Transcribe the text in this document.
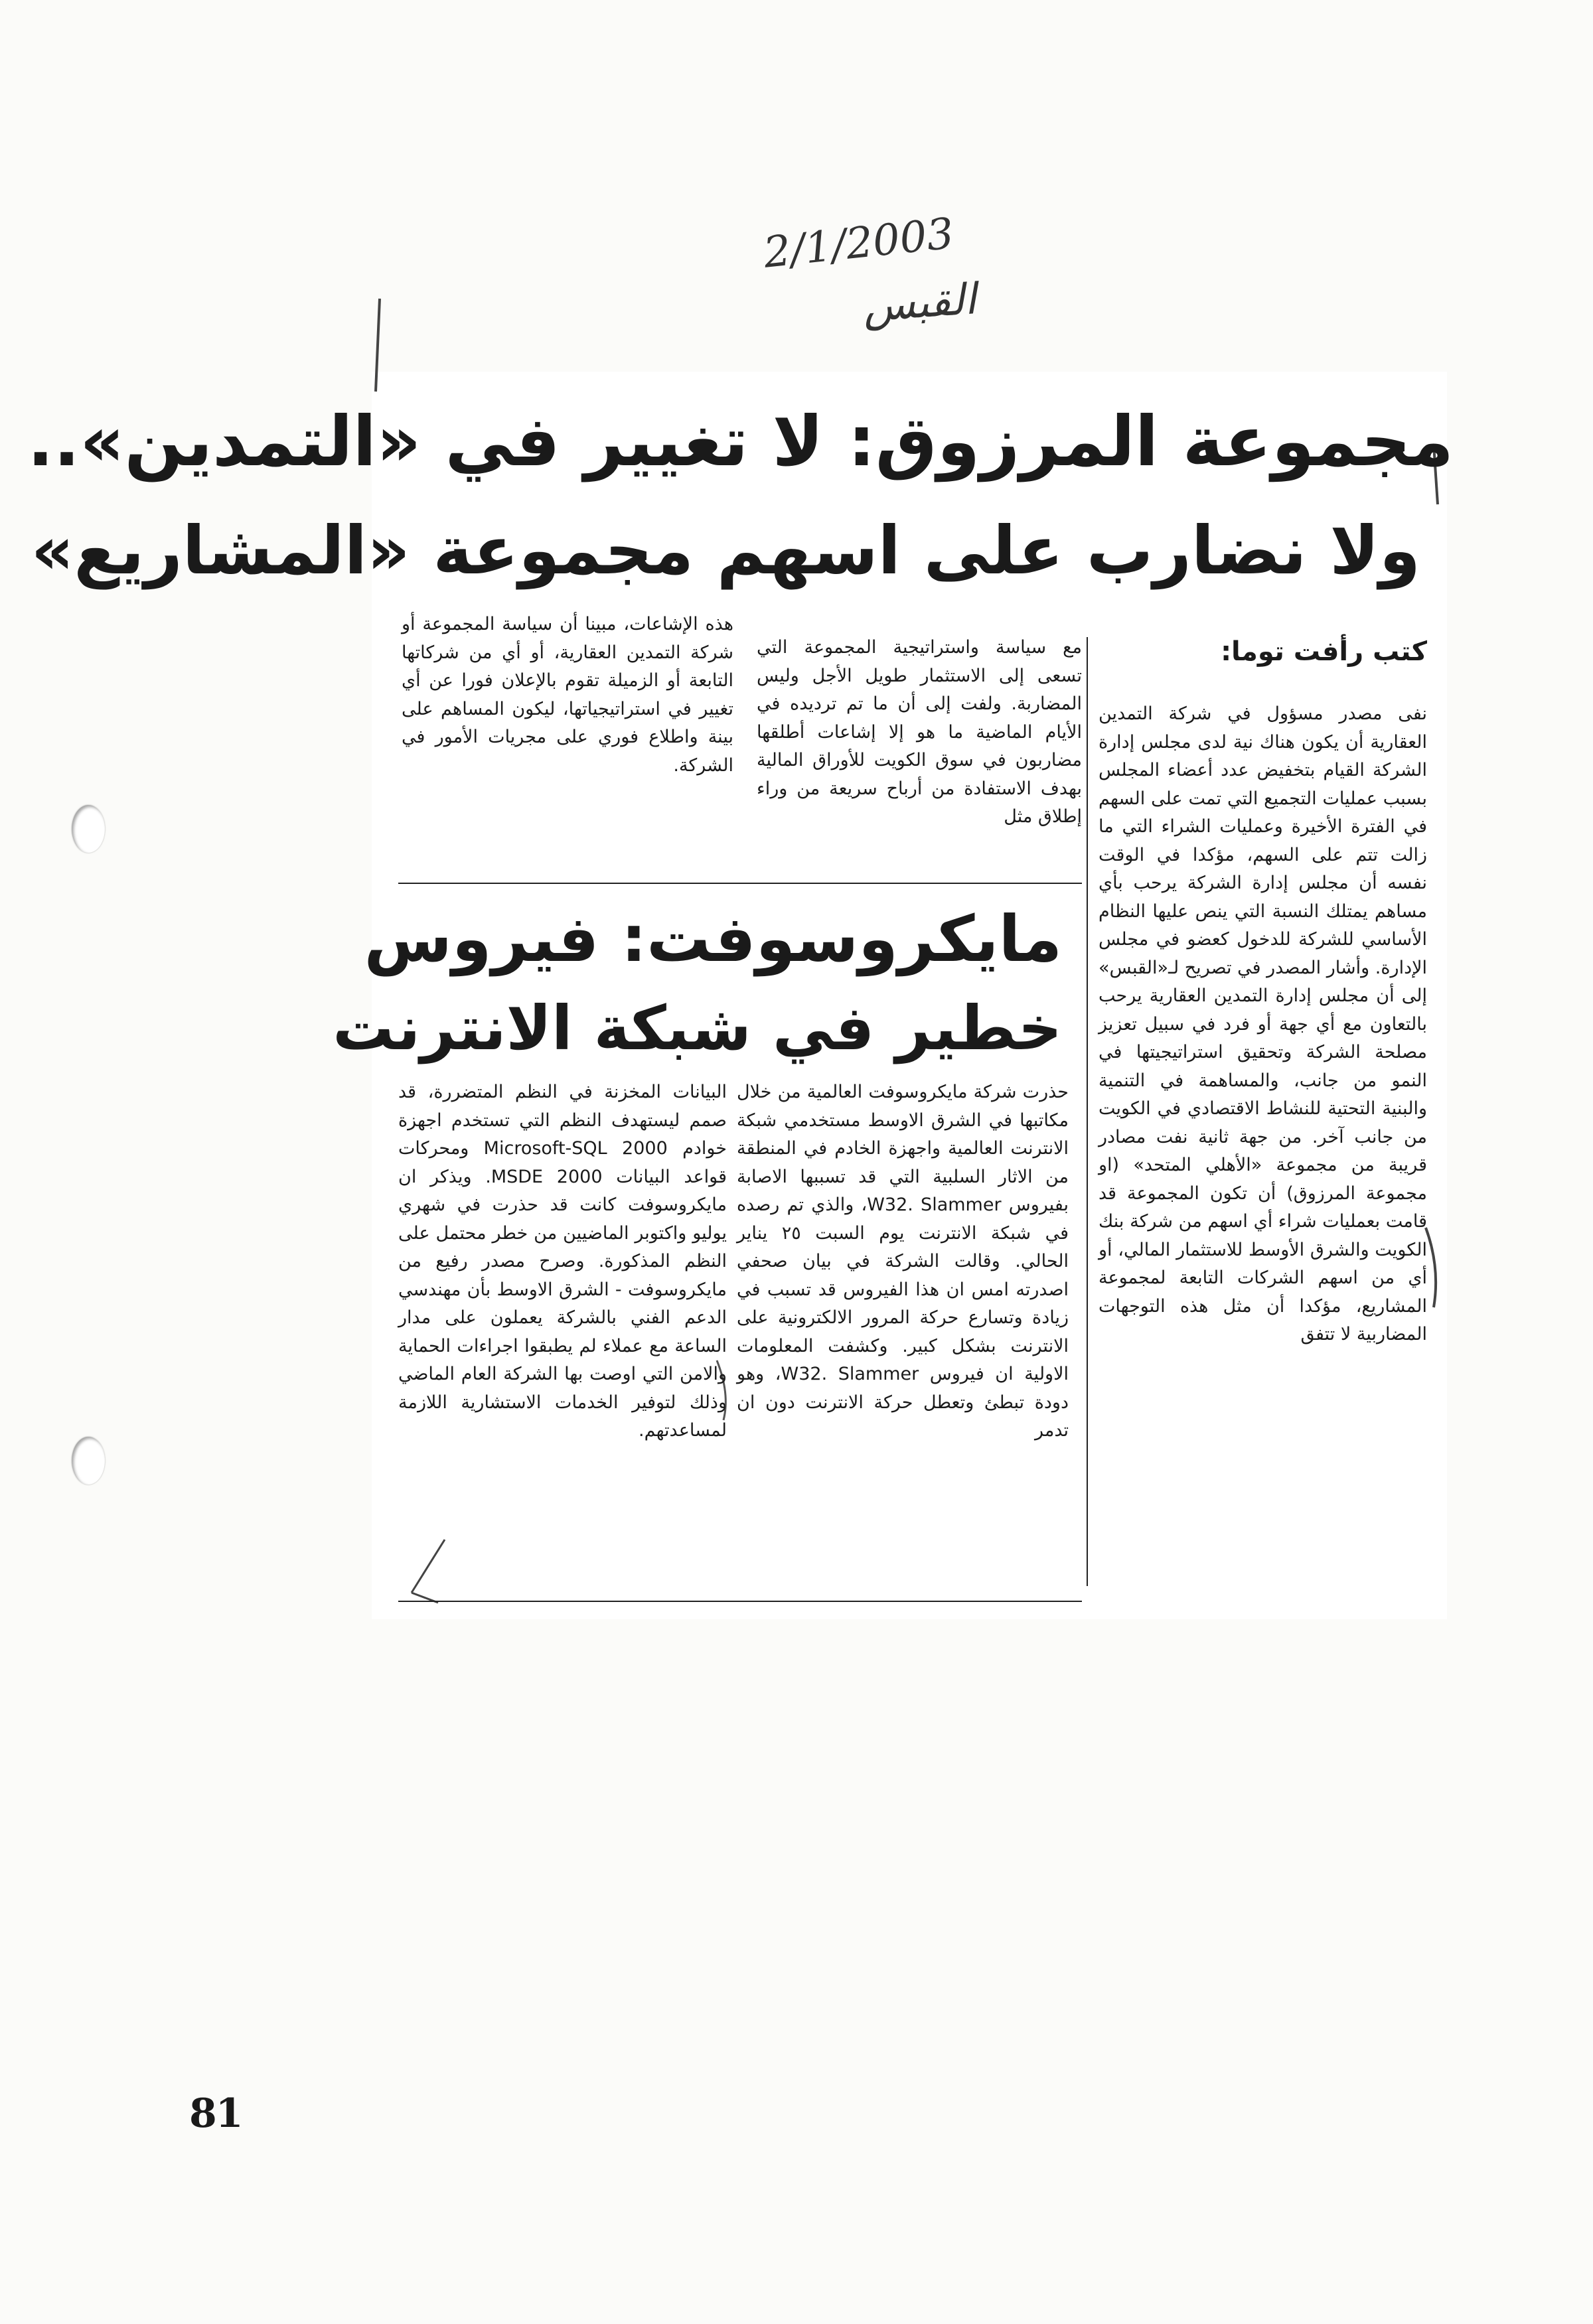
2/1/2003
القبس
مجموعة المرزوق: لا تغيير في «التمدين»..
ولا نضارب على اسهم مجموعة «المشاريع»
كتب رأفت توما:
نفى مصدر مسؤول في شركة التمدين العقارية أن يكون هناك نية لدى مجلس إدارة الشركة القيام بتخفيض عدد أعضاء المجلس بسبب عمليات التجميع التي تمت على السهم في الفترة الأخيرة وعمليات الشراء التي ما زالت تتم على السهم، مؤكدا في الوقت نفسه أن مجلس إدارة الشركة يرحب بأي مساهم يمتلك النسبة التي ينص عليها النظام الأساسي للشركة للدخول كعضو في مجلس الإدارة. وأشار المصدر في تصريح لـ«القبس» إلى أن مجلس إدارة التمدين العقارية يرحب بالتعاون مع أي جهة أو فرد في سبيل تعزيز مصلحة الشركة وتحقيق استراتيجيتها في النمو من جانب، والمساهمة في التنمية والبنية التحتية للنشاط الاقتصادي في الكويت من جانب آخر. من جهة ثانية نفت مصادر قريبة من مجموعة «الأهلي المتحد» (او مجموعة المرزوق) أن تكون المجموعة قد قامت بعمليات شراء أي اسهم من شركة بنك الكويت والشرق الأوسط للاستثمار المالي، أو أي من اسهم الشركات التابعة لمجموعة المشاريع، مؤكدا أن مثل هذه التوجهات المضاربية لا تتفق
مع سياسة واستراتيجية المجموعة التي تسعى إلى الاستثمار طويل الأجل وليس المضاربة. ولفت إلى أن ما تم ترديده في الأيام الماضية ما هو إلا إشاعات أطلقها مضاربون في سوق الكويت للأوراق المالية بهدف الاستفادة من أرباح سريعة من وراء إطلاق مثل
هذه الإشاعات، مبينا أن سياسة المجموعة أو شركة التمدين العقارية، أو أي من شركاتها التابعة أو الزميلة تقوم بالإعلان فورا عن أي تغيير في استراتيجياتها، ليكون المساهم على بينة واطلاع فوري على مجريات الأمور في الشركة.
مايكروسوفت: فيروس
خطير في شبكة الانترنت
حذرت شركة مايكروسوفت العالمية من خلال مكاتبها في الشرق الاوسط مستخدمي شبكة الانترنت العالمية واجهزة الخادم في المنطقة من الاثار السلبية التي قد تسببها الاصابة بفيروس W32. Slammer، والذي تم رصده في شبكة الانترنت يوم السبت ٢٥ يناير الحالي. وقالت الشركة في بيان صحفي اصدرته امس ان هذا الفيروس قد تسبب في زيادة وتسارع حركة المرور الالكترونية على الانترنت بشكل كبير. وكشفت المعلومات الاولية ان فيروس W32. Slammer، وهو دودة تبطئ وتعطل حركة الانترنت دون ان تدمر
البيانات المخزنة في النظم المتضررة، قد صمم ليستهدف النظم التي تستخدم اجهزة خوادم Microsoft-SQL 2000 ومحركات قواعد البيانات MSDE 2000. ويذكر ان مايكروسوفت كانت قد حذرت في شهري يوليو واكتوبر الماضيين من خطر محتمل على النظم المذكورة. وصرح مصدر رفيع من مايكروسوفت - الشرق الاوسط بأن مهندسي الدعم الفني بالشركة يعملون على مدار الساعة مع عملاء لم يطبقوا اجراءات الحماية والامن التي اوصت بها الشركة العام الماضي وذلك لتوفير الخدمات الاستشارية اللازمة لمساعدتهم.
81
